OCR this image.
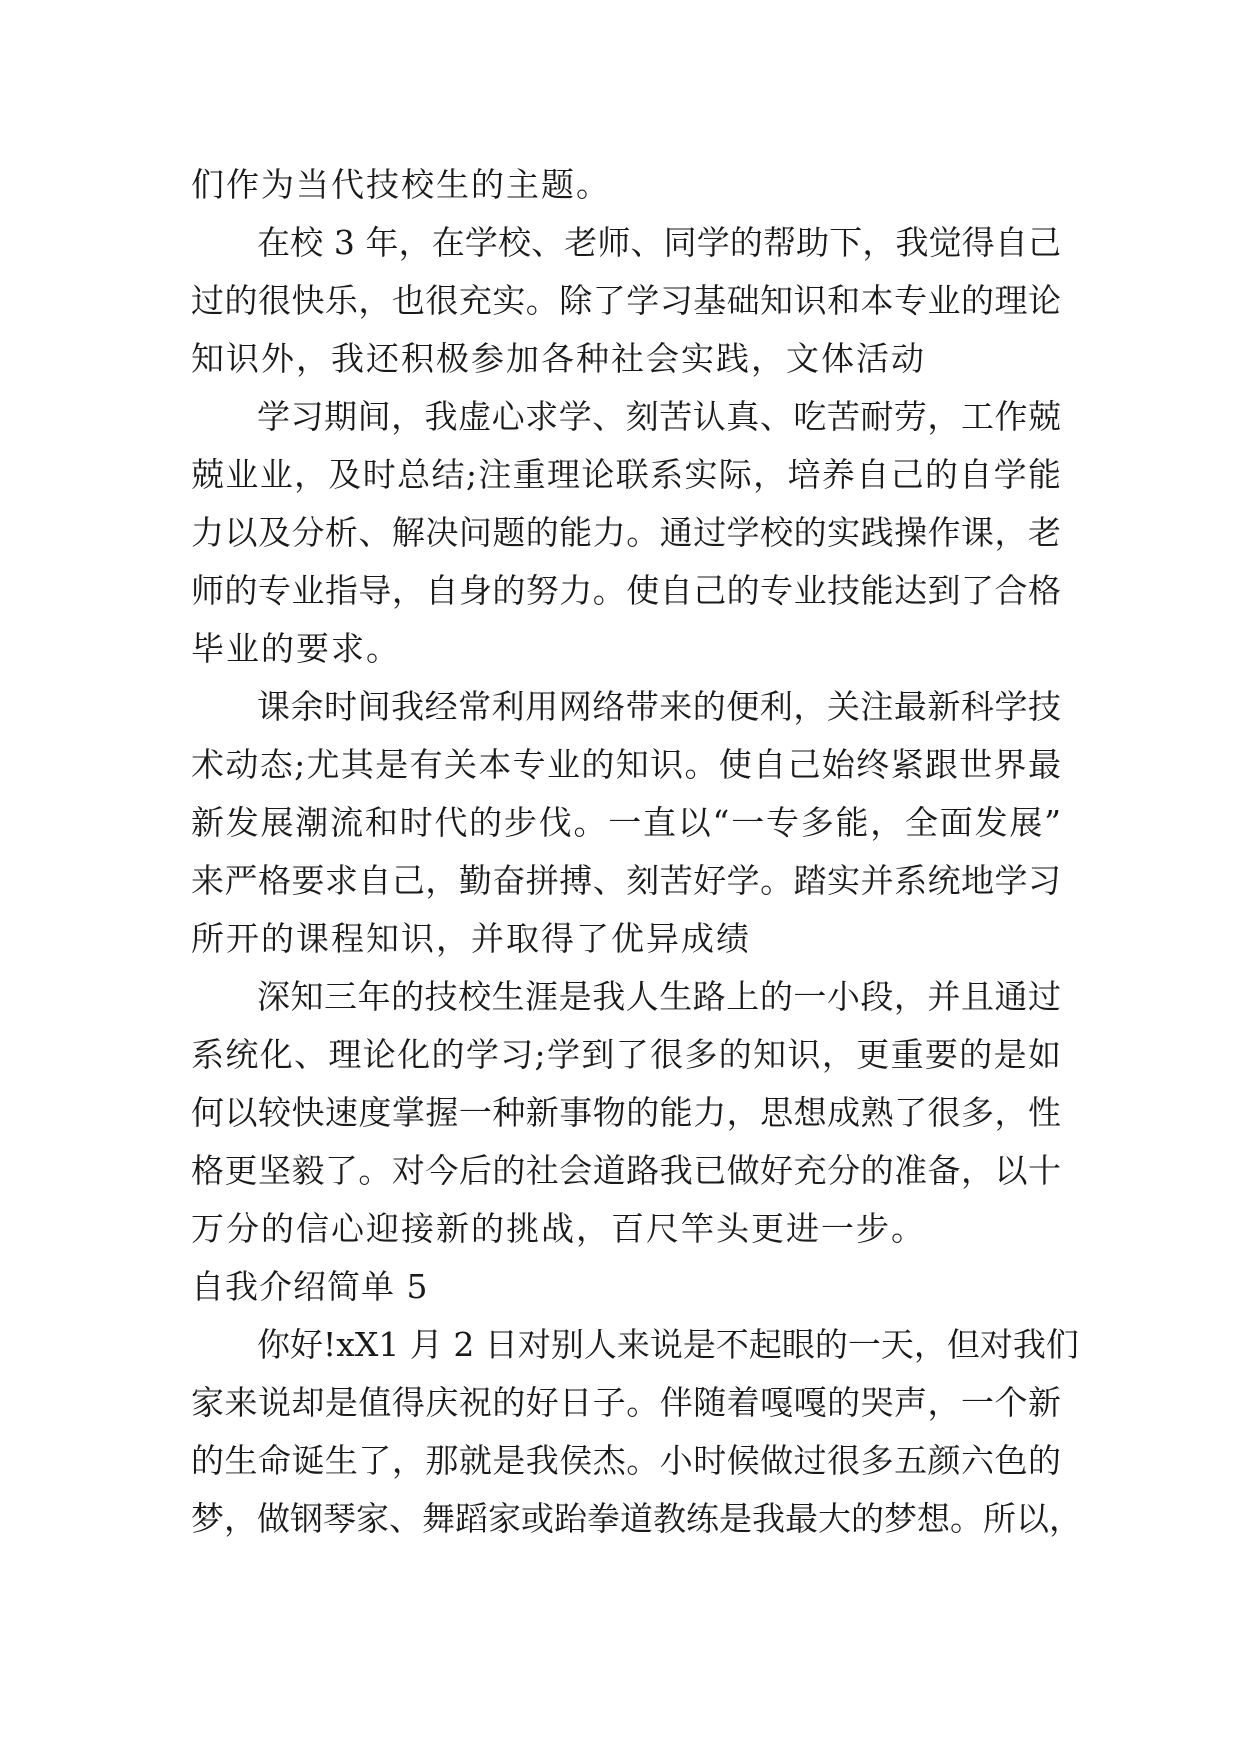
们作为当代技校生的主题。
在校 3 年，在学校、老师、同学的帮助下，我觉得自己
过的很快乐，也很充实。除了学习基础知识和本专业的理论
知识外，我还积极参加各种社会实践，文体活动
学习期间，我虚心求学、刻苦认真、吃苦耐劳，工作兢
兢业业，及时总结;注重理论联系实际，培养自己的自学能
力以及分析、解决问题的能力。通过学校的实践操作课，老
师的专业指导，自身的努力。使自己的专业技能达到了合格
毕业的要求。
课余时间我经常利用网络带来的便利，关注最新科学技
术动态;尤其是有关本专业的知识。使自己始终紧跟世界最
新发展潮流和时代的步伐。一直以“一专多能，全面发展”
来严格要求自己，勤奋拼搏、刻苦好学。踏实并系统地学习
所开的课程知识，并取得了优异成绩
深知三年的技校生涯是我人生路上的一小段，并且通过
系统化、理论化的学习;学到了很多的知识，更重要的是如
何以较快速度掌握一种新事物的能力，思想成熟了很多，性
格更坚毅了。对今后的社会道路我已做好充分的准备，以十
万分的信心迎接新的挑战，百尺竿头更进一步。
自我介绍简单 5
你好!xX1 月 2 日对别人来说是不起眼的一天，但对我们
家来说却是值得庆祝的好日子。伴随着嘎嘎的哭声，一个新
的生命诞生了，那就是我侯杰。小时候做过很多五颜六色的
梦，做钢琴家、舞蹈家或跆拳道教练是我最大的梦想。所以，
